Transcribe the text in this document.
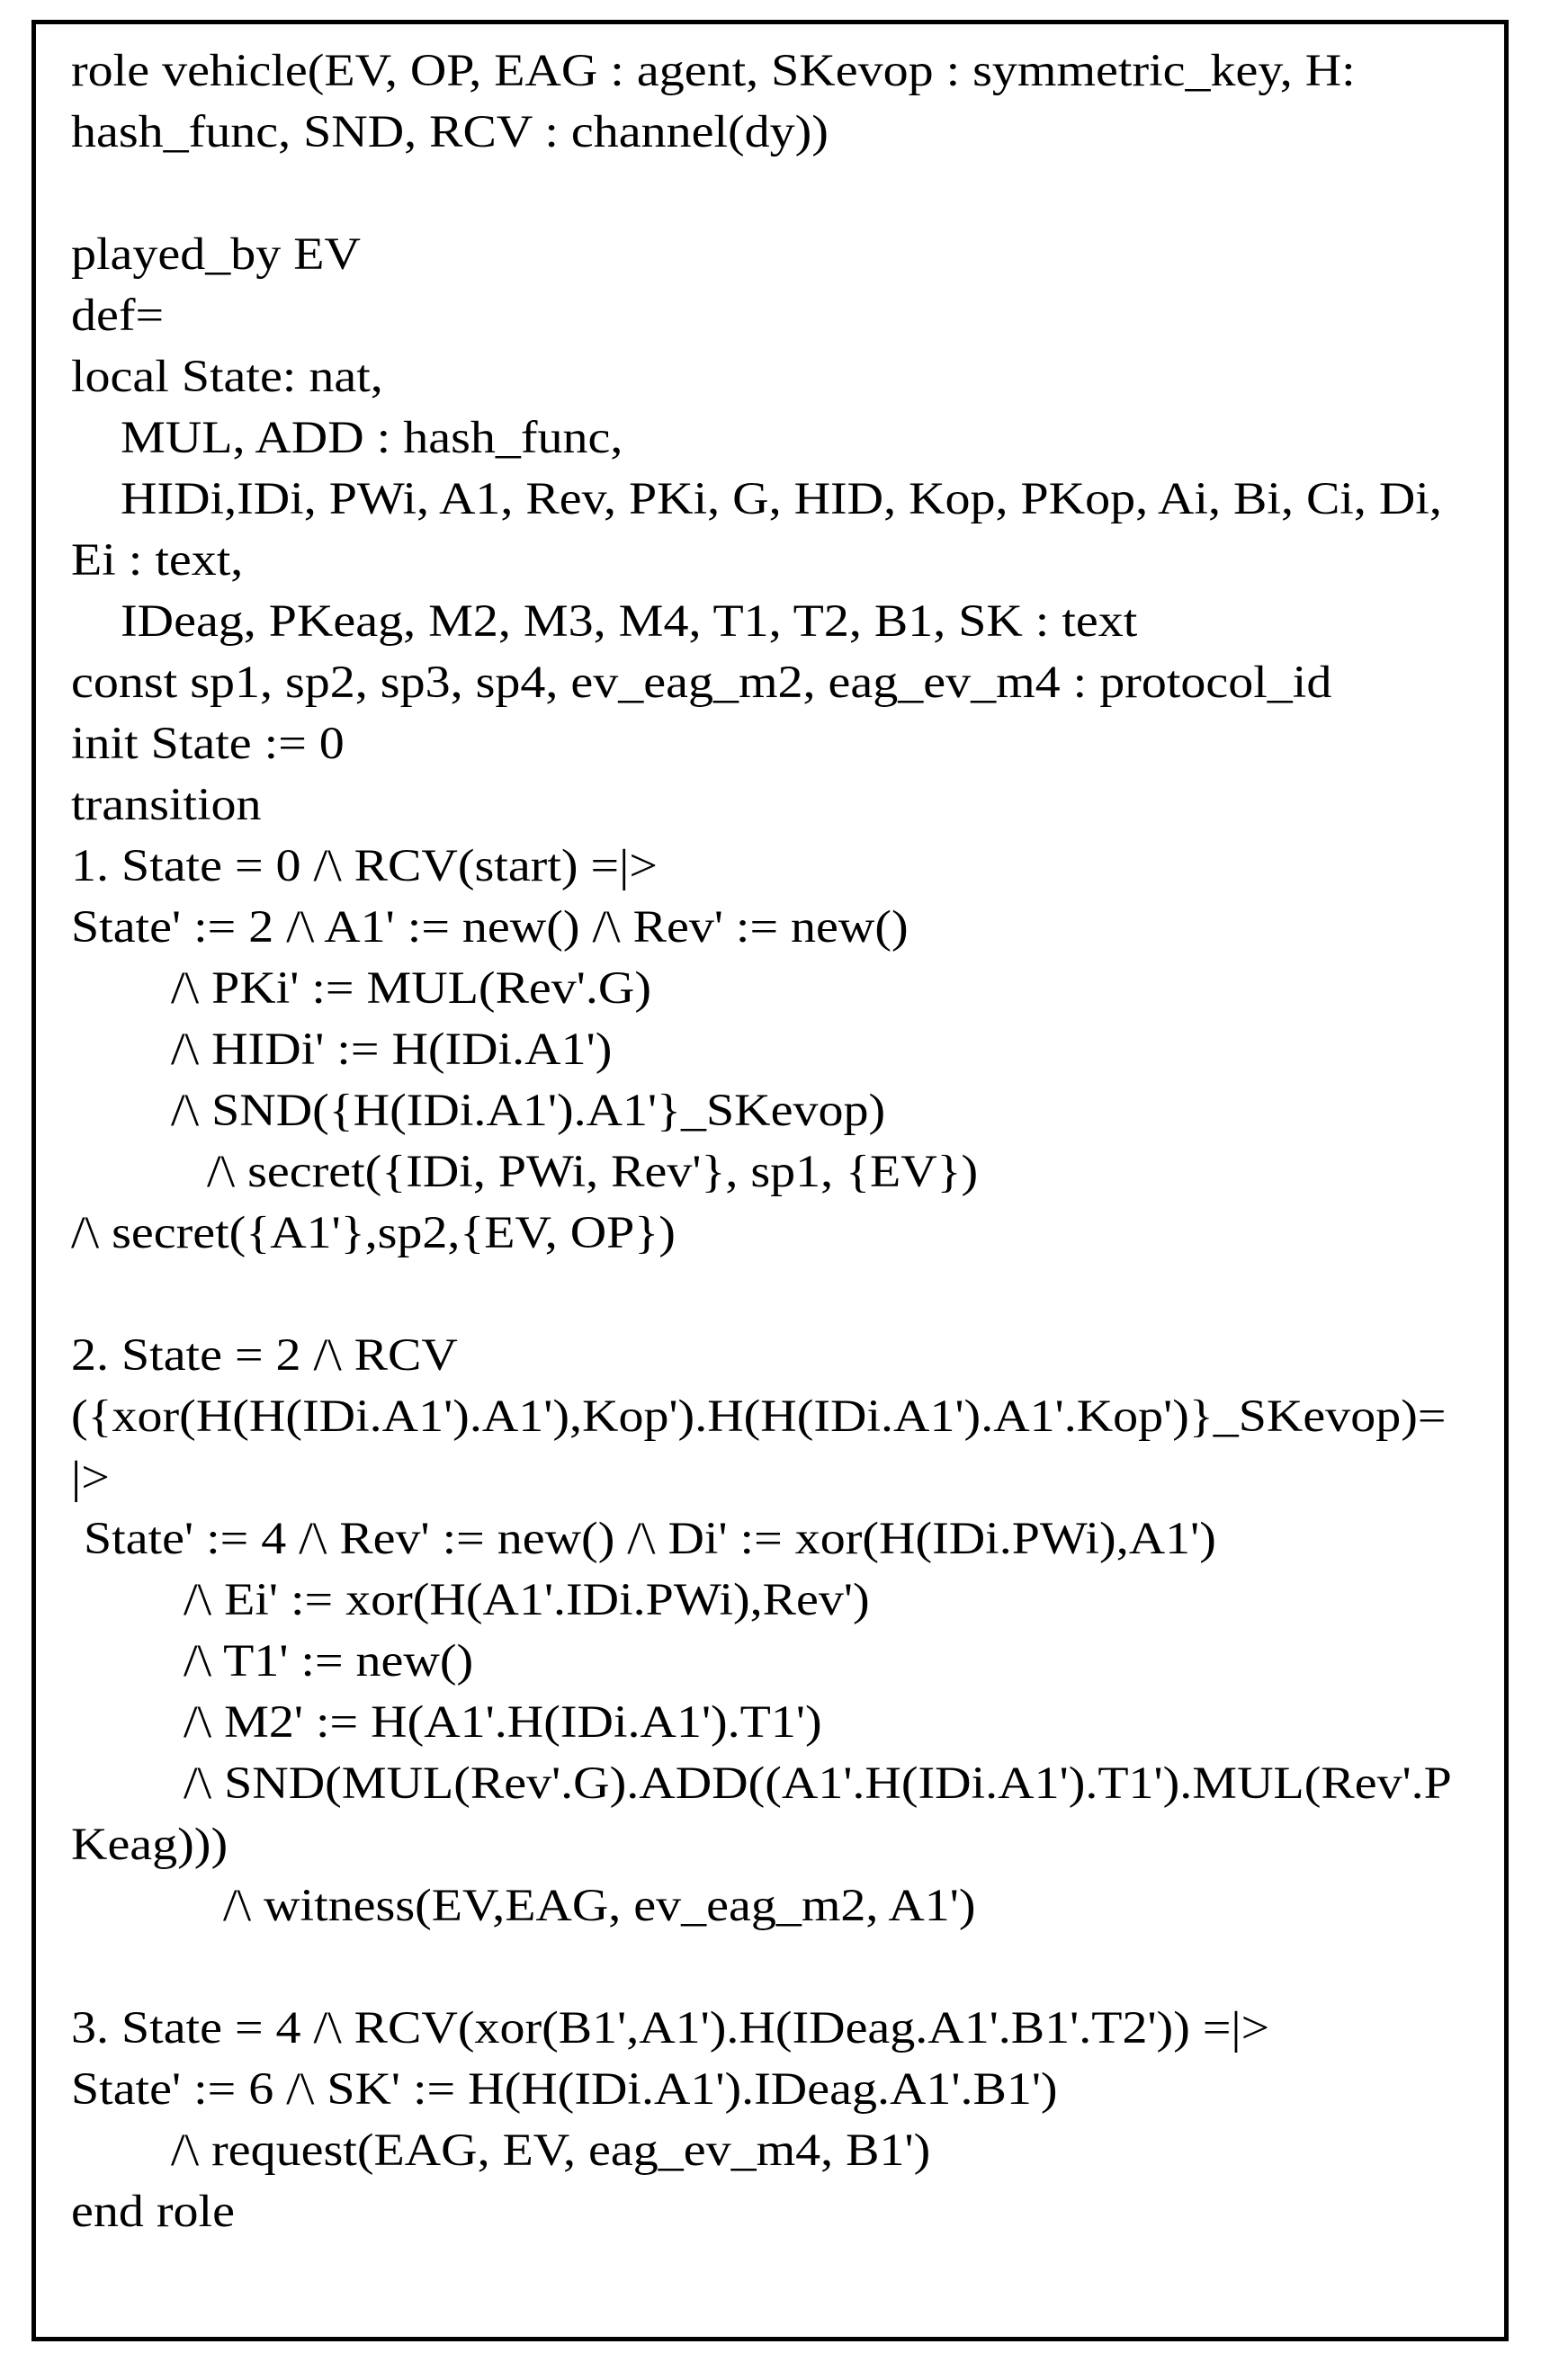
role vehicle(EV, OP, EAG : agent, SKevop : symmetric_key, H:
hash_func, SND, RCV : channel(dy))
played_by EV
def=
local State: nat,
MUL, ADD : hash_func,
HIDi,IDi, PWi, A1, Rev, PKi, G, HID, Kop, PKop, Ai, Bi, Ci, Di,
Ei : text,
IDeag, PKeag, M2, M3, M4, T1, T2, B1, SK : text
const sp1, sp2, sp3, sp4, ev_eag_m2, eag_ev_m4 : protocol_id
init State := 0
transition
1. State = 0 /\ RCV(start) =|>
State' := 2 /\ A1' := new() /\ Rev' := new()
/\ PKi' := MUL(Rev'.G)
/\ HIDi' := H(IDi.A1')
/\ SND({H(IDi.A1').A1'}_SKevop)
/\ secret({IDi, PWi, Rev'}, sp1, {EV})
/\ secret({A1'},sp2,{EV, OP})
2. State = 2 /\ RCV
({xor(H(H(IDi.A1').A1'),Kop').H(H(IDi.A1').A1'.Kop')}_SKevop)=
|>
State' := 4 /\ Rev' := new() /\ Di' := xor(H(IDi.PWi),A1')
/\ Ei' := xor(H(A1'.IDi.PWi),Rev')
/\ T1' := new()
/\ M2' := H(A1'.H(IDi.A1').T1')
/\ SND(MUL(Rev'.G).ADD((A1'.H(IDi.A1').T1').MUL(Rev'.P
Keag)))
/\ witness(EV,EAG, ev_eag_m2, A1')
3. State = 4 /\ RCV(xor(B1',A1').H(IDeag.A1'.B1'.T2')) =|>
State' := 6 /\ SK' := H(H(IDi.A1').IDeag.A1'.B1')
/\ request(EAG, EV, eag_ev_m4, B1')
end role
